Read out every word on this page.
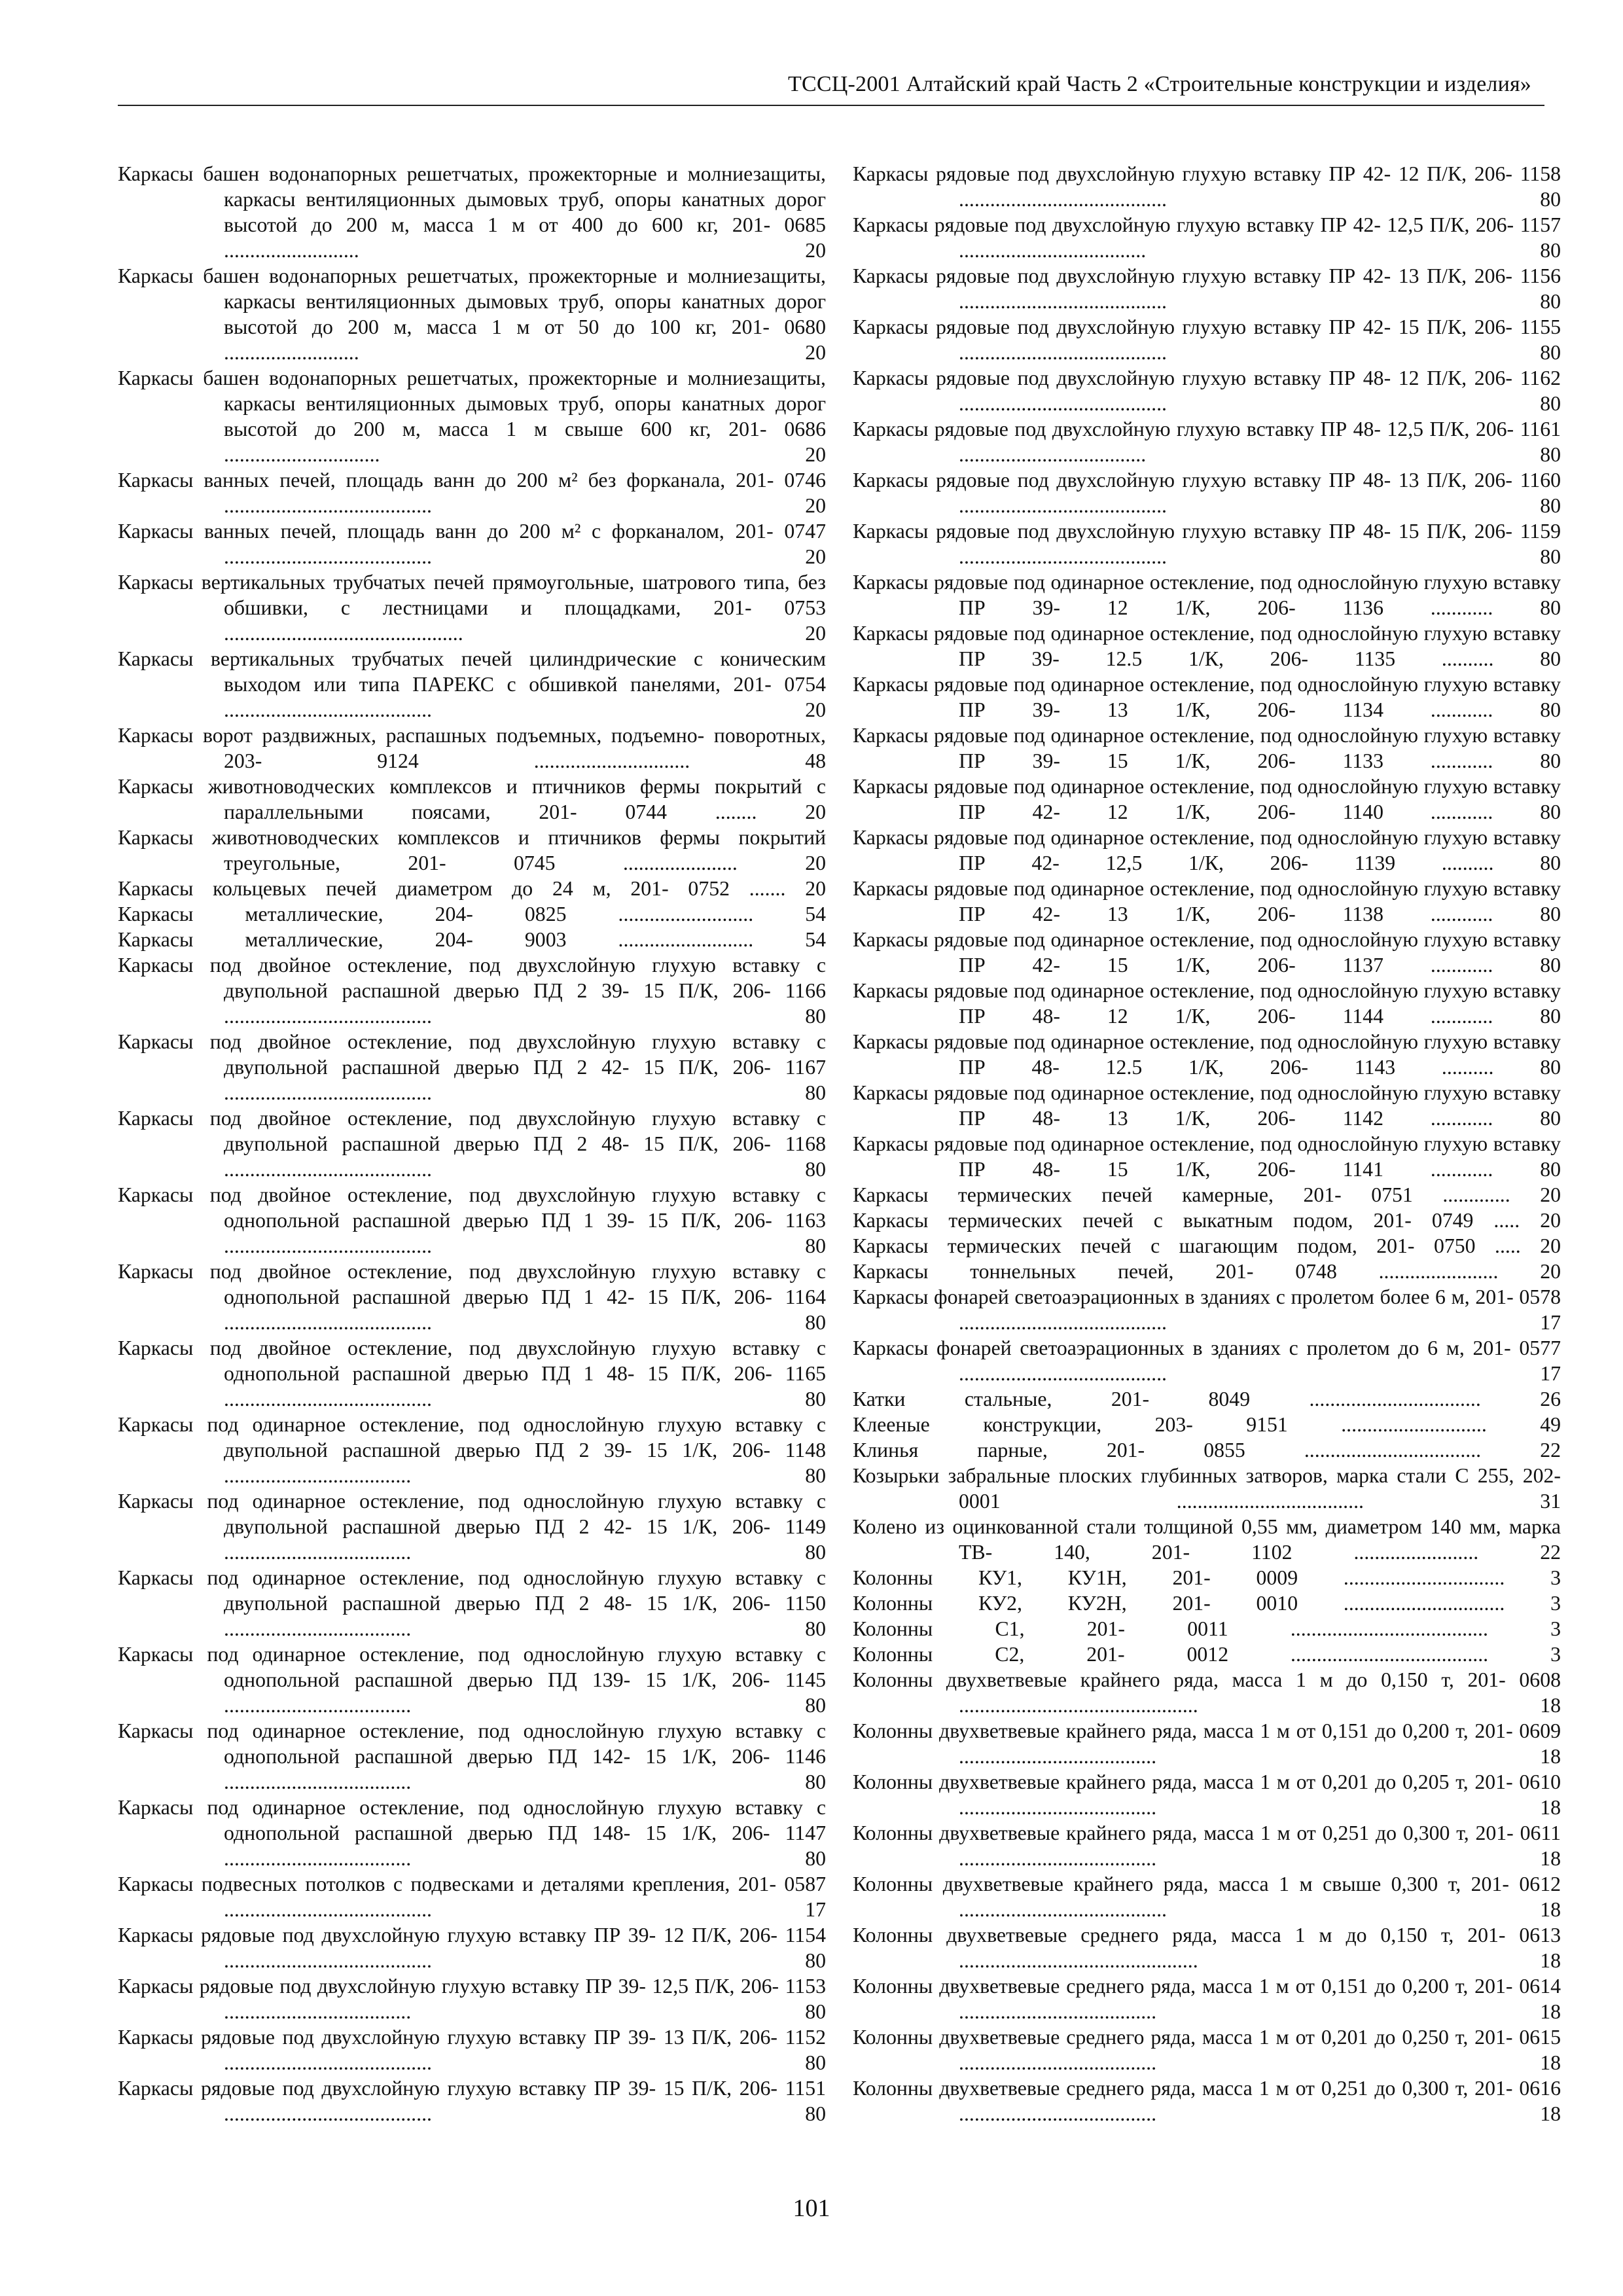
ТССЦ-2001 Алтайский край Часть 2 «Строительные конструкции и изделия»
Каркасы башен водонапорных решетчатых, прожекторные и молниезащиты, каркасы вентиляционных дымовых труб, опоры канатных дорог высотой до 200 м, масса 1 м от 400 до 600 кг, 201- 0685 .......................... 20
Каркасы башен водонапорных решетчатых, прожекторные и молниезащиты, каркасы вентиляционных дымовых труб, опоры канатных дорог высотой до 200 м, масса 1 м от 50 до 100 кг, 201- 0680 .......................... 20
Каркасы башен водонапорных решетчатых, прожекторные и молниезащиты, каркасы вентиляционных дымовых труб, опоры канатных дорог высотой до 200 м, масса 1 м свыше 600 кг, 201- 0686 .............................. 20
Каркасы ванных печей, площадь ванн до 200 м² без форканала, 201- 0746 ........................................ 20
Каркасы ванных печей, площадь ванн до 200 м² с форканалом, 201- 0747 ........................................ 20
Каркасы вертикальных трубчатых печей прямоугольные, шатрового типа, без обшивки, с лестницами и площадками, 201- 0753 .............................................. 20
Каркасы вертикальных трубчатых печей цилиндрические с коническим выходом или типа ПАРЕКС с обшивкой панелями, 201- 0754 ........................................ 20
Каркасы ворот раздвижных, распашных подъемных, подъемно- поворотных, 203- 9124 .............................. 48
Каркасы животноводческих комплексов и птичников фермы покрытий с параллельными поясами, 201- 0744 ........ 20
Каркасы животноводческих комплексов и птичников фермы покрытий треугольные, 201- 0745 ...................... 20
Каркасы кольцевых печей диаметром до 24 м, 201- 0752 ....... 20
Каркасы металлические, 204- 0825 .......................... 54
Каркасы металлические, 204- 9003 .......................... 54
Каркасы под двойное остекление, под двухслойную глухую вставку с двупольной распашной дверью ПД 2 39- 15 П/К, 206- 1166 ........................................ 80
Каркасы под двойное остекление, под двухслойную глухую вставку с двупольной распашной дверью ПД 2 42- 15 П/К, 206- 1167 ........................................ 80
Каркасы под двойное остекление, под двухслойную глухую вставку с двупольной распашной дверью ПД 2 48- 15 П/К, 206- 1168 ........................................ 80
Каркасы под двойное остекление, под двухслойную глухую вставку с однопольной распашной дверью ПД 1 39- 15 П/К, 206- 1163 ........................................ 80
Каркасы под двойное остекление, под двухслойную глухую вставку с однопольной распашной дверью ПД 1 42- 15 П/К, 206- 1164 ........................................ 80
Каркасы под двойное остекление, под двухслойную глухую вставку с однопольной распашной дверью ПД 1 48- 15 П/К, 206- 1165 ........................................ 80
Каркасы под одинарное остекление, под однослойную глухую вставку с двупольной распашной дверью ПД 2 39- 15 1/К, 206- 1148 .................................... 80
Каркасы под одинарное остекление, под однослойную глухую вставку с двупольной распашной дверью ПД 2 42- 15 1/К, 206- 1149 .................................... 80
Каркасы под одинарное остекление, под однослойную глухую вставку с двупольной распашной дверью ПД 2 48- 15 1/К, 206- 1150 .................................... 80
Каркасы под одинарное остекление, под однослойную глухую вставку с однопольной распашной дверью ПД 139- 15 1/К, 206- 1145 .................................... 80
Каркасы под одинарное остекление, под однослойную глухую вставку с однопольной распашной дверью ПД 142- 15 1/К, 206- 1146 .................................... 80
Каркасы под одинарное остекление, под однослойную глухую вставку с однопольной распашной дверью ПД 148- 15 1/К, 206- 1147 .................................... 80
Каркасы подвесных потолков с подвесками и деталями крепления, 201- 0587 ........................................ 17
Каркасы рядовые под двухслойную глухую вставку ПР 39- 12 П/К, 206- 1154 ........................................ 80
Каркасы рядовые под двухслойную глухую вставку ПР 39- 12,5 П/К, 206- 1153 .................................... 80
Каркасы рядовые под двухслойную глухую вставку ПР 39- 13 П/К, 206- 1152 ........................................ 80
Каркасы рядовые под двухслойную глухую вставку ПР 39- 15 П/К, 206- 1151 ........................................ 80
Каркасы рядовые под двухслойную глухую вставку ПР 42- 12 П/К, 206- 1158 ........................................ 80
Каркасы рядовые под двухслойную глухую вставку ПР 42- 12,5 П/К, 206- 1157 .................................... 80
Каркасы рядовые под двухслойную глухую вставку ПР 42- 13 П/К, 206- 1156 ........................................ 80
Каркасы рядовые под двухслойную глухую вставку ПР 42- 15 П/К, 206- 1155 ........................................ 80
Каркасы рядовые под двухслойную глухую вставку ПР 48- 12 П/К, 206- 1162 ........................................ 80
Каркасы рядовые под двухслойную глухую вставку ПР 48- 12,5 П/К, 206- 1161 .................................... 80
Каркасы рядовые под двухслойную глухую вставку ПР 48- 13 П/К, 206- 1160 ........................................ 80
Каркасы рядовые под двухслойную глухую вставку ПР 48- 15 П/К, 206- 1159 ........................................ 80
Каркасы рядовые под одинарное остекление, под однослойную глухую вставку ПР 39- 12 1/К, 206- 1136 ............ 80
Каркасы рядовые под одинарное остекление, под однослойную глухую вставку ПР 39- 12.5 1/К, 206- 1135 .......... 80
Каркасы рядовые под одинарное остекление, под однослойную глухую вставку ПР 39- 13 1/К, 206- 1134 ............ 80
Каркасы рядовые под одинарное остекление, под однослойную глухую вставку ПР 39- 15 1/К, 206- 1133 ............ 80
Каркасы рядовые под одинарное остекление, под однослойную глухую вставку ПР 42- 12 1/К, 206- 1140 ............ 80
Каркасы рядовые под одинарное остекление, под однослойную глухую вставку ПР 42- 12,5 1/К, 206- 1139 .......... 80
Каркасы рядовые под одинарное остекление, под однослойную глухую вставку ПР 42- 13 1/К, 206- 1138 ............ 80
Каркасы рядовые под одинарное остекление, под однослойную глухую вставку ПР 42- 15 1/К, 206- 1137 ............ 80
Каркасы рядовые под одинарное остекление, под однослойную глухую вставку ПР 48- 12 1/К, 206- 1144 ............ 80
Каркасы рядовые под одинарное остекление, под однослойную глухую вставку ПР 48- 12.5 1/К, 206- 1143 .......... 80
Каркасы рядовые под одинарное остекление, под однослойную глухую вставку ПР 48- 13 1/К, 206- 1142 ............ 80
Каркасы рядовые под одинарное остекление, под однослойную глухую вставку ПР 48- 15 1/К, 206- 1141 ............ 80
Каркасы термических печей камерные, 201- 0751 ............. 20
Каркасы термических печей с выкатным подом, 201- 0749 ..... 20
Каркасы термических печей с шагающим подом, 201- 0750 ..... 20
Каркасы тоннельных печей, 201- 0748 ....................... 20
Каркасы фонарей светоаэрационных в зданиях с пролетом более 6 м, 201- 0578 ........................................ 17
Каркасы фонарей светоаэрационных в зданиях с пролетом до 6 м, 201- 0577 ........................................ 17
Катки стальные, 201- 8049 ................................. 26
Клееные конструкции, 203- 9151 ............................ 49
Клинья парные, 201- 0855 .................................. 22
Козырьки забральные плоских глубинных затворов, марка стали С 255, 202- 0001 .................................... 31
Колено из оцинкованной стали толщиной 0,55 мм, диаметром 140 мм, марка ТВ- 140, 201- 1102 ........................ 22
Колонны КУ1, КУ1Н, 201- 0009 ............................... 3
Колонны КУ2, КУ2Н, 201- 0010 ............................... 3
Колонны С1, 201- 0011 ...................................... 3
Колонны С2, 201- 0012 ...................................... 3
Колонны двухветвевые крайнего ряда, масса 1 м до 0,150 т, 201- 0608 .............................................. 18
Колонны двухветвевые крайнего ряда, масса 1 м от 0,151 до 0,200 т, 201- 0609 ...................................... 18
Колонны двухветвевые крайнего ряда, масса 1 м от 0,201 до 0,205 т, 201- 0610 ...................................... 18
Колонны двухветвевые крайнего ряда, масса 1 м от 0,251 до 0,300 т, 201- 0611 ...................................... 18
Колонны двухветвевые крайнего ряда, масса 1 м свыше 0,300 т, 201- 0612 ........................................ 18
Колонны двухветвевые среднего ряда, масса 1 м до 0,150 т, 201- 0613 .............................................. 18
Колонны двухветвевые среднего ряда, масса 1 м от 0,151 до 0,200 т, 201- 0614 ...................................... 18
Колонны двухветвевые среднего ряда, масса 1 м от 0,201 до 0,250 т, 201- 0615 ...................................... 18
Колонны двухветвевые среднего ряда, масса 1 м от 0,251 до 0,300 т, 201- 0616 ...................................... 18
101
